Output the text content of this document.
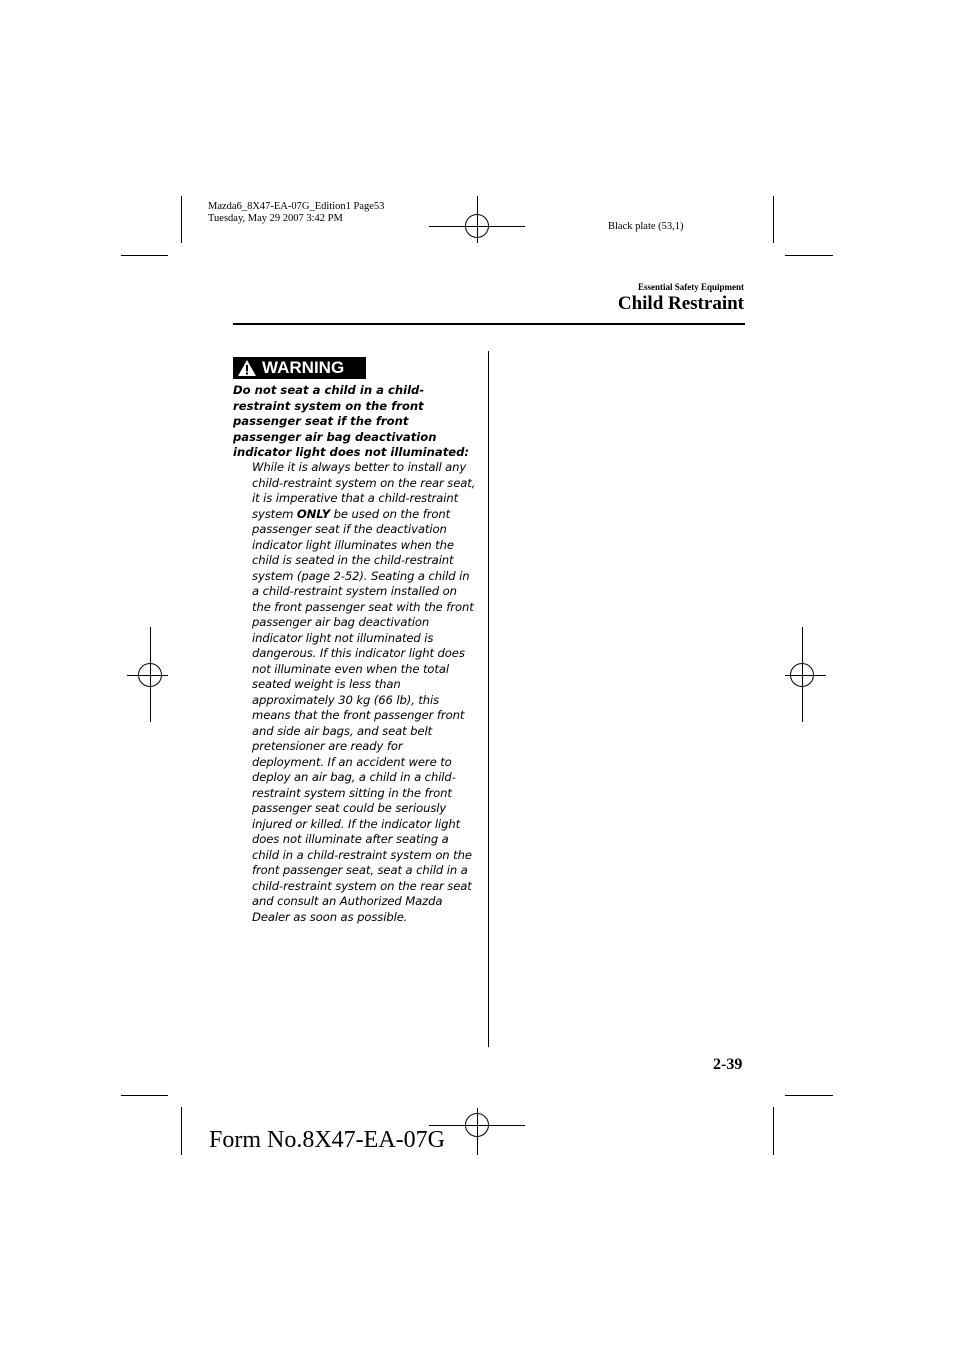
Mazda6_8X47-EA-07G_Edition1 Page53
Tuesday, May 29 2007 3:42 PM
Black plate (53,1)
Essential Safety Equipment
Child Restraint
WARNING
Do not seat a child in a child-restraint system on the front passenger seat if the front passenger air bag deactivation indicator light does not illuminated:
While it is always better to install any child-restraint system on the rear seat, it is imperative that a child-restraint system ONLY be used on the front passenger seat if the deactivation indicator light illuminates when the child is seated in the child-restraint system (page 2-52). Seating a child in a child-restraint system installed on the front passenger seat with the front passenger air bag deactivation indicator light not illuminated is dangerous. If this indicator light does not illuminate even when the total seated weight is less than approximately 30 kg (66 lb), this means that the front passenger front and side air bags, and seat belt pretensioner are ready for deployment. If an accident were to deploy an air bag, a child in a child-restraint system sitting in the front passenger seat could be seriously injured or killed. If the indicator light does not illuminate after seating a child in a child-restraint system on the front passenger seat, seat a child in a child-restraint system on the rear seat and consult an Authorized Mazda Dealer as soon as possible.
2-39
Form No.8X47-EA-07G
